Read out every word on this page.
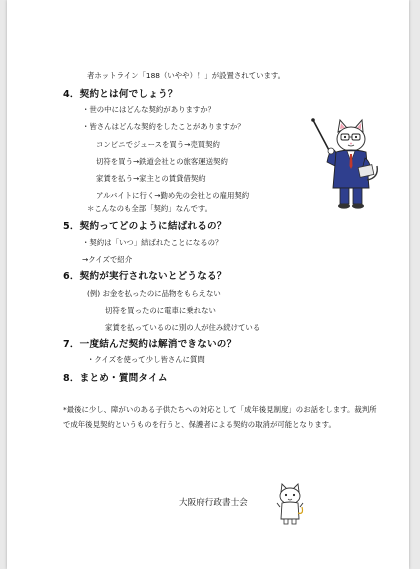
者ホットライン「188（いやや）！」が設置されています。
4．契約とは何でしょう？
・世の中にはどんな契約がありますか？
・皆さんはどんな契約をしたことがありますか？
コンビニでジュースを買う→売買契約
切符を買う→鉄道会社との旅客運送契約
家賃を払う→家主との賃貸借契約
アルバイトに行く→勤め先の会社との雇用契約
＊こんなのも全部「契約」なんです。
5．契約ってどのように結ばれるの？
・契約は「いつ」結ばれたことになるの？
→クイズで紹介
6．契約が実行されないとどうなる？
(例) お金を払ったのに品物をもらえない
切符を買ったのに電車に乗れない
家賃を払っているのに別の人が住み続けている
7．一度結んだ契約は解消できないの？
・クイズを使って少し皆さんに質問
8．まとめ・質問タイム
*最後に少し、障がいのある子供たちへの対応として「成年後見制度」のお話をします。裁判所で成年後見契約というものを行うと、保護者による契約の取消が可能となります。
大阪府行政書士会
